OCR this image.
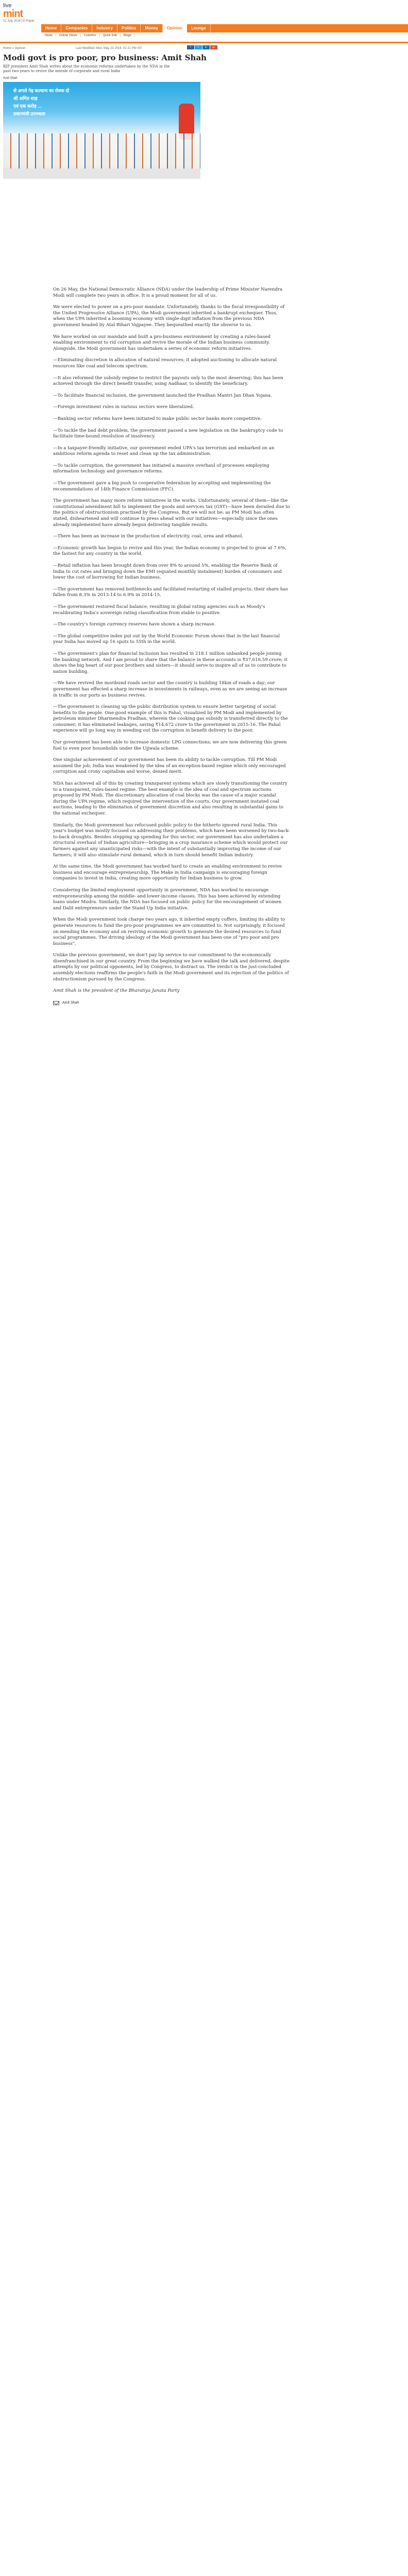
live
mint
12 July 2016 | E-Paper
Home	Companies	Industry	Politics	Money	Opinion	Lounge
Views	Online Views	Columns	Quick Edit	Blogs
Home » Opinion	Last Modified: Mon, May 23 2016. 02 21 PM IST	f	t	in	g+
Modi govt is pro poor, pro business: Amit Shah
BJP president Amit Shah writes about the economic reforms undertaken by the NDA in the past two years to revive the morale of corporate and rural India
Amit Shah
से अगले नेह कल्याण का सेवक दो
श्री अमित शाह
एवं एक करोड़ ...
प्रधानमंत्री उज्ज्वला

On 26 May, the National Democratic Alliance (NDA) under the leadership of Prime Minister Narendra Modi will complete two years in office. It is a proud moment for all of us.

We were elected to power on a pro-poor mandate. Unfortunately, thanks to the fiscal irresponsibility of the United Progressive Alliance (UPA), the Modi government inherited a bankrupt exchequer. Thus, when the UPA inherited a booming economy with single-digit inflation from the previous NDA government headed by Atal Bihari Vajpayee. They bequeathed exactly the obverse to us.

We have worked on our mandate and built a pro-business environment by creating a rules-based enabling environment to rid corruption and revive the morale of the Indian business community. Alongside, the Modi government has undertaken a series of economic reform initiatives.

—Eliminating discretion in allocation of natural resources; it adopted auctioning to allocate natural resources like coal and telecom spectrum.

—It also reformed the subsidy regime to restrict the payouts only to the most deserving; this has been achieved through the direct benefit transfer, using Aadhaar, to identify the beneficiary.

—To facilitate financial inclusion, the government launched the Pradhan Mantri Jan Dhan Yojana.

—Foreign investment rules in various sectors were liberalized.

—Banking sector reforms have been initiated to make public sector banks more competitive.

—To tackle the bad debt problem, the government passed a new legislation on the bankruptcy code to facilitate time-bound resolution of insolvency.

—In a taxpayer-friendly initiative, our government ended UPA's tax terrorism and embarked on an ambitious reform agenda to reset and clean up the tax administration.

—To tackle corruption, the government has initiated a massive overhaul of processes employing information technology and governance reforms.

—The government gave a big push to cooperative federalism by accepting and implementing the recommendations of 14th Finance Commission (FFC).

The government has many more reform initiatives in the works. Unfortunately, several of them—like the constitutional amendment bill to implement the goods and services tax (GST)—have been derailed due to the politics of obstructionism practised by the Congress. But we will not be; as PM Modi has often stated, disheartened and will continue to press ahead with our initiatives—especially since the ones already implemented have already begun delivering tangible results.

—There has been an increase in the production of electricity, coal, urea and ethanol.

—Economic growth has begun to revive and this year, the Indian economy is projected to grow at 7.6%, the fastest for any country in the world.

—Retail inflation has been brought down from over 8% to around 5%, enabling the Reserve Bank of India to cut rates and bringing down the EMI (equated monthly instalment) burden of consumers and lower the cost of borrowing for Indian business.

—The government has removed bottlenecks and facilitated restarting of stalled projects: their share has fallen from 8.3% in 2013-14 to 6.9% in 2014-15.

—The government restored fiscal balance, resulting in global rating agencies such as Moody's recalibrating India's sovereign rating classification from stable to positive.

—The country's foreign currency reserves have shown a sharp increase.

—The global competitive index put out by the World Economic Forum shows that in the last financial year India has moved up 16 spots to 55th in the world.

—The government's plan for financial inclusion has resulted in 218.1 million unbanked people joining the banking network. And I am proud to share that the balance in these accounts is ₹37,616.59 crore; it shows the big heart of our poor brothers and sisters—it should serve to inspire all of us to contribute to nation building.

—We have revived the moribund roads sector and the country is building 18km of roads a day; our government has effected a sharp increase in investments in railways, even as we are seeing an increase in traffic in our ports as business revives.

—The government is cleaning up the public distribution system to ensure better targeting of social benefits to the people. One good example of this is Pahal, visualized by PM Modi and implemented by petroleum minister Dharmendra Pradhan, wherein the cooking gas subsidy is transferred directly to the consumer; it has eliminated leakages, saving ₹14,672 crore to the government in 2015-16. The Pahal experience will go long way in weeding out the corruption in benefit delivery to the poor.

Our government has been able to increase domestic LPG connections; we are now delivering this green fuel to even poor households under the Ujjwala scheme.

One singular achievement of our government has been its ability to tackle corruption. Till PM Modi assumed the job, India was weakened by the idea of an exception-based regime which only encouraged corruption and crony capitalism and worse, denied merit.

NDA has achieved all of this by creating transparent systems which are slowly transitioning the country to a transparent, rules-based regime. The best example is the idea of coal and spectrum auctions proposed by PM Modi. The discretionary allocation of coal blocks was the cause of a major scandal during the UPA regime, which required the intervention of the courts. Our government instated coal auctions, leading to the elimination of government discretion and also resulting in substantial gains to the national exchequer.

Similarly, the Modi government has refocused public policy to the hitherto ignored rural India. This year's budget was mostly focused on addressing their problems, which have been worsened by two-back-to-back droughts. Besides stepping up spending for this sector, our government has also undertaken a structural overhaul of Indian agriculture—bringing in a crop insurance scheme which would protect our farmers against any unanticipated risks—with the intent of substantially improving the income of our farmers; it will also stimulate rural demand, which in turn should benefit Indian industry.

At the same time, the Modi government has worked hard to create an enabling environment to revive business and encourage entrepreneurship. The Make in India campaign is encouraging foreign companies to invest in India, creating more opportunity for Indian business to grow.

Considering the limited employment opportunity in government, NDA has worked to encourage entrepreneurship among the middle- and lower-income classes. This has been achieved by extending loans under Mudra. Similarly, the NDA has focused on public policy for the encouragement of women and Dalit entrepreneurs under the Stand Up India initiative.

When the Modi government took charge two years ago, it inherited empty coffers, limiting its ability to generate resources to fund the pro-poor programmes we are committed to. Not surprisingly, it focused on mending the economy and on reviving economic growth to generate the desired resources to fund social programmes. The driving ideology of the Modi government has been one of "pro poor and pro business".

Unlike the previous government, we don't pay lip service to our commitment to the economically disenfranchised in our great country. From the beginning we have walked the talk and delivered, despite attempts by our political opponents, led by Congress, to distract us. The verdict in the just-concluded assembly elections reaffirms the people's faith in the Modi government and its rejection of the politics of obstructionism pursued by the Congress.

Amit Shah is the president of the Bharatiya Janata Party

Amit Shah
